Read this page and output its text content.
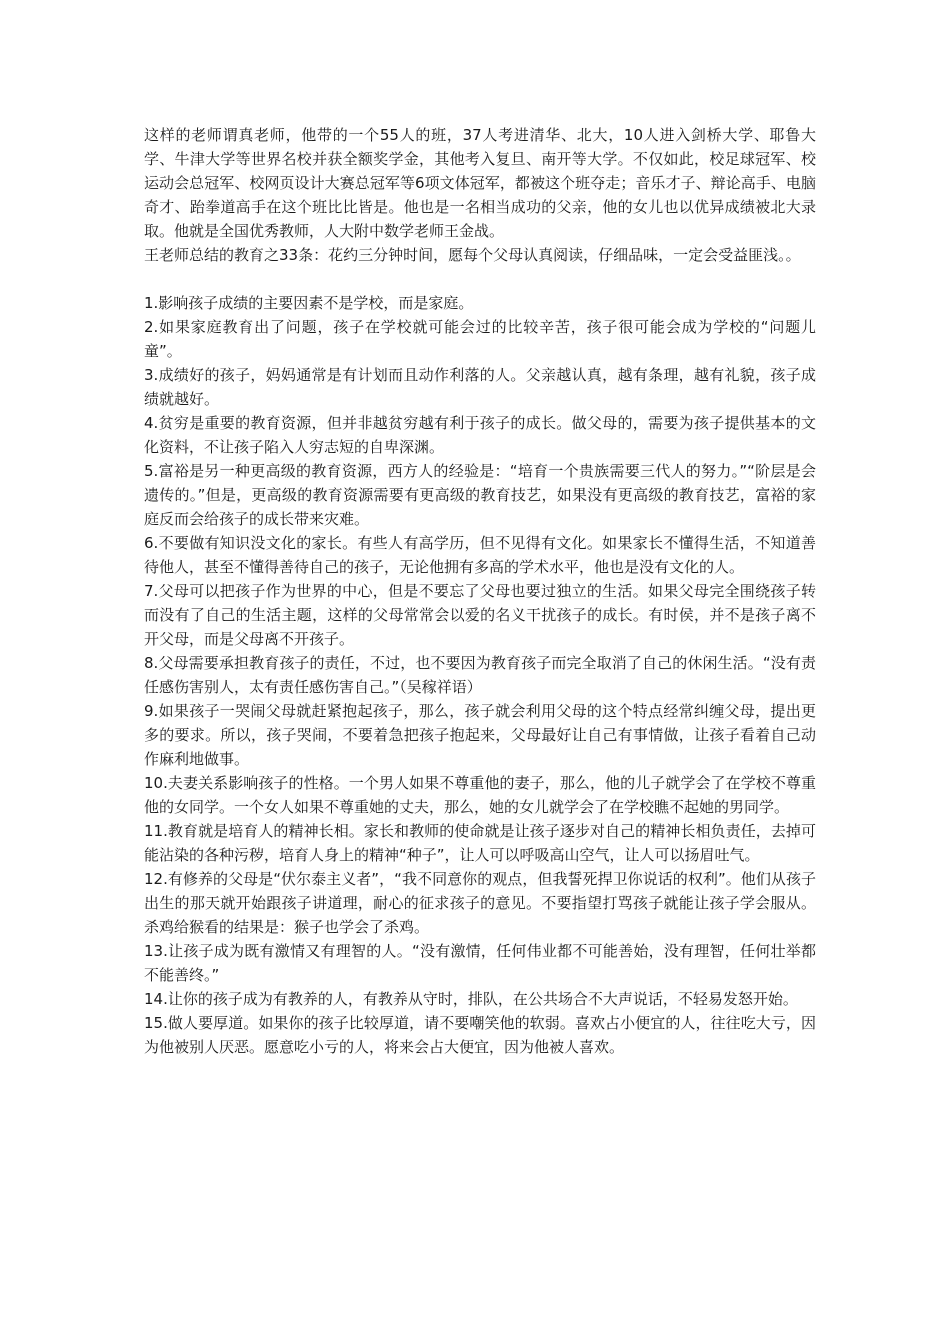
这样的老师谓真老师，他带的一个55人的班，37人考进清华、北大，10人进入剑桥大学、耶鲁大学、牛津大学等世界名校并获全额奖学金，其他考入复旦、南开等大学。不仅如此，校足球冠军、校运动会总冠军、校网页设计大赛总冠军等6项文体冠军，都被这个班夺走；音乐才子、辩论高手、电脑奇才、跆拳道高手在这个班比比皆是。他也是一名相当成功的父亲，他的女儿也以优异成绩被北大录取。他就是全国优秀教师，人大附中数学老师王金战。

王老师总结的教育之33条：花约三分钟时间，愿每个父母认真阅读，仔细品味，一定会受益匪浅。。

1.影响孩子成绩的主要因素不是学校，而是家庭。

2.如果家庭教育出了问题，孩子在学校就可能会过的比较辛苦，孩子很可能会成为学校的“问题儿童”。

3.成绩好的孩子，妈妈通常是有计划而且动作利落的人。父亲越认真，越有条理，越有礼貌，孩子成绩就越好。

4.贫穷是重要的教育资源，但并非越贫穷越有利于孩子的成长。做父母的，需要为孩子提供基本的文化资料，不让孩子陷入人穷志短的自卑深渊。

5.富裕是另一种更高级的教育资源，西方人的经验是：“培育一个贵族需要三代人的努力。”“阶层是会遗传的。”但是，更高级的教育资源需要有更高级的教育技艺，如果没有更高级的教育技艺，富裕的家庭反而会给孩子的成长带来灾难。

6.不要做有知识没文化的家长。有些人有高学历，但不见得有文化。如果家长不懂得生活，不知道善待他人，甚至不懂得善待自己的孩子，无论他拥有多高的学术水平，他也是没有文化的人。

7.父母可以把孩子作为世界的中心，但是不要忘了父母也要过独立的生活。如果父母完全围绕孩子转而没有了自己的生活主题，这样的父母常常会以爱的名义干扰孩子的成长。有时侯，并不是孩子离不开父母，而是父母离不开孩子。

8.父母需要承担教育孩子的责任，不过，也不要因为教育孩子而完全取消了自己的休闲生活。“没有责任感伤害别人，太有责任感伤害自己。”（吴稼祥语）

9.如果孩子一哭闹父母就赶紧抱起孩子，那么，孩子就会利用父母的这个特点经常纠缠父母，提出更多的要求。所以，孩子哭闹，不要着急把孩子抱起来，父母最好让自己有事情做，让孩子看着自己动作麻利地做事。

10.夫妻关系影响孩子的性格。一个男人如果不尊重他的妻子，那么，他的儿子就学会了在学校不尊重他的女同学。一个女人如果不尊重她的丈夫，那么，她的女儿就学会了在学校瞧不起她的男同学。

11.教育就是培育人的精神长相。家长和教师的使命就是让孩子逐步对自己的精神长相负责任，去掉可能沾染的各种污秽，培育人身上的精神“种子”，让人可以呼吸高山空气，让人可以扬眉吐气。

12.有修养的父母是“伏尔泰主义者”，“我不同意你的观点，但我誓死捍卫你说话的权利”。他们从孩子出生的那天就开始跟孩子讲道理，耐心的征求孩子的意见。不要指望打骂孩子就能让孩子学会服从。杀鸡给猴看的结果是：猴子也学会了杀鸡。

13.让孩子成为既有激情又有理智的人。“没有激情，任何伟业都不可能善始，没有理智，任何壮举都不能善终。”

14.让你的孩子成为有教养的人，有教养从守时，排队，在公共场合不大声说话，不轻易发怒开始。

15.做人要厚道。如果你的孩子比较厚道，请不要嘲笑他的软弱。喜欢占小便宜的人，往往吃大亏，因为他被别人厌恶。愿意吃小亏的人，将来会占大便宜，因为他被人喜欢。
